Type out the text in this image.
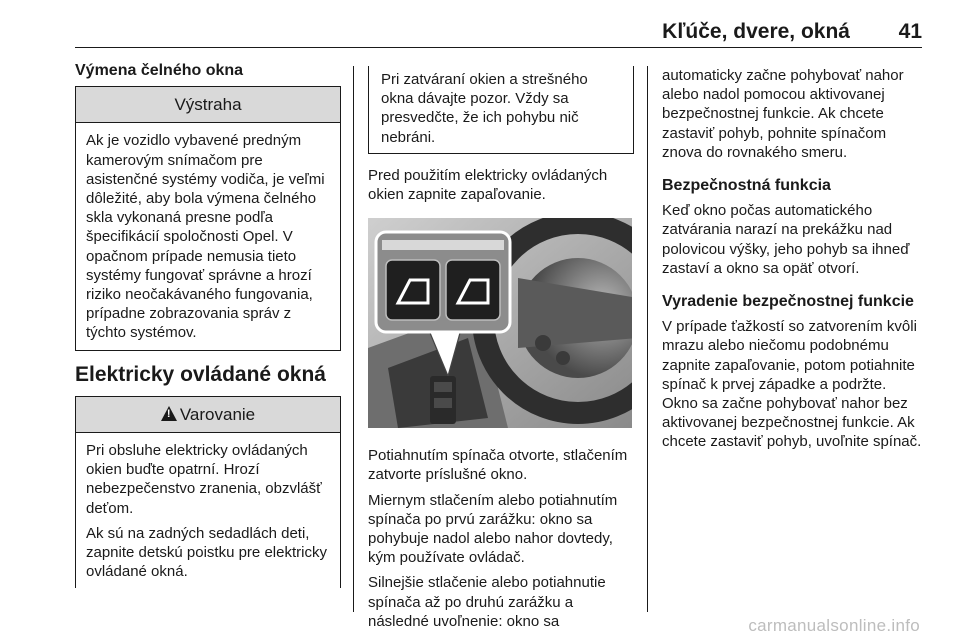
Kľúče, dvere, okná 41
Výmena čelného okna
Výstraha

Ak je vozidlo vybavené predným kamerovým snímačom pre asistenčné systémy vodiča, je veľmi dôležité, aby bola výmena čelného skla vykonaná presne podľa špecifikácií spoločnosti Opel. V opačnom prípade nemusia tieto systémy fungovať správne a hrozí riziko neočakávaného fungovania, prípadne zobrazovania správ z týchto systémov.

Elektricky ovládané okná
!Varovanie

Pri obsluhe elektricky ovládaných okien buďte opatrní. Hrozí nebezpečenstvo zranenia, obzvlášť deťom.

Ak sú na zadných sedadlách deti, zapnite detskú poistku pre elektricky ovládané okná.

Pri zatváraní okien a strešného okna dávajte pozor. Vždy sa presvedčte, že ich pohybu nič nebráni.

Pred použitím elektricky ovládaných okien zapnite zapaľovanie.

Potiahnutím spínača otvorte, stlačením zatvorte príslušné okno.

Miernym stlačením alebo potiahnutím spínača po prvú zarážku: okno sa pohybuje nadol alebo nahor dovtedy, kým používate ovládač.

Silnejšie stlačenie alebo potiahnutie spínača až po druhú zarážku a následné uvoľnenie: okno sa

automaticky začne pohybovať nahor alebo nadol pomocou aktivovanej bezpečnostnej funkcie. Ak chcete zastaviť pohyb, pohnite spínačom znova do rovnakého smeru.

Bezpečnostná funkcia

Keď okno počas automatického zatvárania narazí na prekážku nad polovicou výšky, jeho pohyb sa ihneď zastaví a okno sa opäť otvorí.

Vyradenie bezpečnostnej funkcie

V prípade ťažkostí so zatvorením kvôli mrazu alebo niečomu podobnému zapnite zapaľovanie, potom potiahnite spínač k prvej západke a podržte. Okno sa začne pohybovať nahor bez aktivovanej bezpečnostnej funkcie. Ak chcete zastaviť pohyb, uvoľnite spínač.

carmanualsonline.info
